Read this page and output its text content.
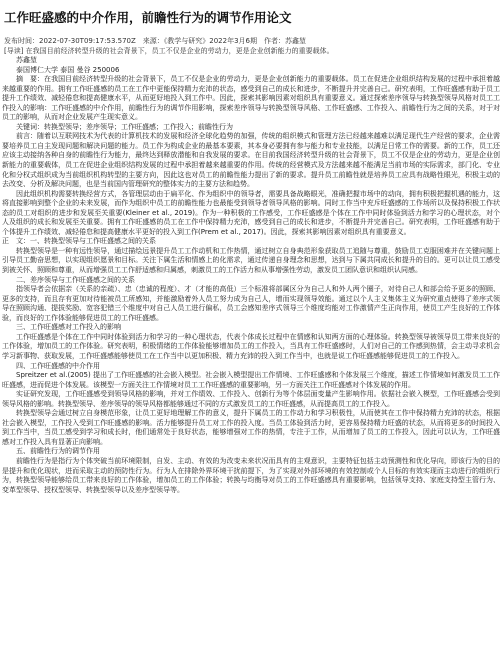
工作旺盛感的中介作用，前瞻性行为的调节作用论文
发布时间：2022-07-30T09:17:53.570Z　来源：《教学与研究》2022年3月6期　作者：苏鑫堃
[导读] 在我国目前经济转型升级的社会背景下，员工不仅是企业的劳动力，更是企业创新能力的重要载体。

苏鑫堃

泰国博仁大学 泰国 曼谷 250006

摘　要：在我国目前经济转型升级的社会背景下，员工不仅是企业的劳动力，更是企业创新能力的重要载体。员工在促进企业组织结构发展的过程中承担着越来越重要的作用。拥有工作旺盛感的员工在工作中更能保持精力充沛的状态，感受到自己的成长和进步，不断提升并完善自己。研究表明，工作旺盛感有助于员工提升工作绩效、减轻倦怠和提高健康水平，从而更好地投入到工作中。因此，探索其影响因素对组织具有重要意义。通过探索差序领导与转换型领导风格对员工工作投入的影响：工作旺盛感的中介作用，前瞻性行为的调节作用影响，探索差序领导与转换型领导风格、工作旺盛感、工作投入、前瞻性行为之间的关系，对于对员工的影响，从而对企业发展产生现实意义。

关键词：转换型领导；差序领导；工作旺盛感；工作投入；前瞻性行为

前言：随着以互联网技术为代表的计算机技术的发展和经济全球化趋势的加强，传统的组织模式和管理方法已经越来越难以满足现代生产经营的要求，企业需要培养员工自主发现问题和解决问题的能力。员工作为构成企业的最基本要素，其本身必要拥有参与能力和专业技能，以满足日常工作的需要。新的工作，员工还应该主动接纳各种自身的前瞻性行为能力，最终达到释放潜能和自我发展的要求。在目前我国经济转型升级的社会背景下，员工不仅是企业的劳动力，更是企业创新能力的重要载体，员工在促进企业组织结构发展的过程中承担着越来越重要的作用。传统的经营模式及方法越来越不能满足当前市场的实际需求，部门化、专业化和分权式组织成为当前组织机构转型的主要方向，因此这也对员工的前瞻性能力提出了新的要求。提升员工前瞻性就是培养员工应具有战略性眼光，积极主动的去改变、分析及解决问题，也是当前国内管理研究的整体实力的主要方法和趋势。

因此组织机构需要转换经营方式，各管理层动由于扁平化、作为组织中的领导者，需要具备战略眼光，准确把握市场中的动向，拥有积极把握机遇的能力，这将直接影响到整个企业的未来发展，而作为组织中员工的前瞻性能力也最能受到领导者领导风格的影响。同时工作当中充斥旺盛感的工作场所以及保持积极工作状态的员工对组织的进步和发展至关重要(Kleiner et al., 2019)。作为一种积极的工作感受，工作旺盛感是个体在工作中同时体验到活力和学习的心理状态，对个人及组织的成长和发展至关重要。拥有工作旺盛感的员工在工作中保持精力充沛，感受到自己的成长和进步，不断提升并完善自己。研究表明，工作旺盛感有助于个体提升工作绩效、减轻倦怠和提高健康水平更好的投入到工作(Prem et al., 2017)。因此，探索其影响因素对组织具有重要意义。

正　文：一、转换型领导与工作旺盛感之间的关系

转换型领导是一种有远性领导，通过描绘远景提升员工工作动机和工作热情，通过树立自身典范形象获取员工追随与尊重，鼓励员工克服困难并在关键问题上引导员工勤奋思想，以实现组织愿景和目标。关注下属生活和情感上的化需求，通过传递自身理念和思想，达到与下属共同成长和提升的目的。更可以让员工感受到被关怀、照顾和尊重，从而增强员工工作舒适感和归属感，刺激员工的工作活力和从事增强性劳动，激发员工团队意识和组织认同感。

二、差序领导与工作旺盛感之间的关系

指领导者会依据亲（关系的亲疏）、忠（忠诚的程度）、才（才能的高低）三个标准将部属区分为自己人和外人两个圈子，对待自己人和部会给予更多的照顾、更多的支持，而且存有更加对待能被员工所感知，并能激励着外人员工努力成为自己人，增而实现领导效能。通过以个人主义集体主义为研究重点使得了差序式领导在照顾沟通、提拔奖励、宽容犯错三个维度中对自己人员工进行偏私，员工会感知差序式领导三个维度均能对工作激情产生正向作用，使员工产生良好的工作体验，而良好的工作体验能够促进员工的工作旺盛感。

三、工作旺盛感对工作投入的影响

工作旺盛感是个体在工作中同时体验到活力和学习的一种心理状态，代表个体成长过程中在情感和认知两方面的心理体验。转换型领导被领导员工带来良好的工作体验，增加员工的工作体验。研究表明，积极情绪的工作体验能够增加员工的工作投入，当具有工作旺盛感时，人们对自己的工作感到热情，会主动寻求机会学习新事物、获取发展，工作旺盛感能够使员工在工作当中以更加积极、精力充沛的投入到工作当中，也就是说工作旺盛感能够促进员工的工作投入。

四、工作旺盛感的中介作用

Spreitzer et al.(2005) 提出了工作旺盛感的社会嵌入模型。社会嵌入模型提出工作情境、工作旺盛感和个体发展三个维度，描述工作情境如何激发员工工作旺盛感，进而促进个体发展。该模型一方面关注工作情境对员工工作旺盛感的重要影响，另一方面关注工作旺盛感对个体发展的作用。

实证研究发现，工作旺盛感受到领导风格的影响，并对工作绩效、工作投入、创新行为等个体层面变量产生影响作用。依据社会嵌入模型，工作旺盛感会受到领导风格的影响。转换型领导、差序领导的领导风格都能够通过不同的方式激发员工的工作旺盛感，从而提高员工的工作投入。

转换型领导会通过树立自身模范形象，让员工更好地理解工作的意义，提升下属员工的工作动力和学习积极性，从而使其在工作中保持精力充沛的状态，根据社会嵌入模型，工作投入受到工作旺盛感的影响。活力能够提升员工对工作的投入度。当员工体验到活力时，更容易保持精力旺盛的状态，从而将更多的时间投入到工作当中，当员工感受到学习和成长时，他们通常处于良好状态，能够增强对工作的热情，专注于工作，从而增加了员工的工作投入，因此可以认为，工作旺盛感对工作投入具有显著正向影响。

五、前瞻性行为的调节作用

前瞻性行为是指行为个体突破当前环境限制，自发、主动、有效的为改变未来状况而具有的主观意识，主要特征包括主动预测性和优化导向，即该行为的目的是提升和优化现状，进而采取主动的预防性行为。行为人在排除外界环境干扰前提下，为了实现对外部环境的有效控制或个人目标的有效实现而主动进行的组织行为，转换型领导能够给员工带来良好的工作体验，增加员工的工作体验；转换与均衡导对员工的工作旺盛感具有重要影响，包括领导支持、家庭支持型主管行为、变革型领导、授权型领导、转换型领导以及差序型领导等。
